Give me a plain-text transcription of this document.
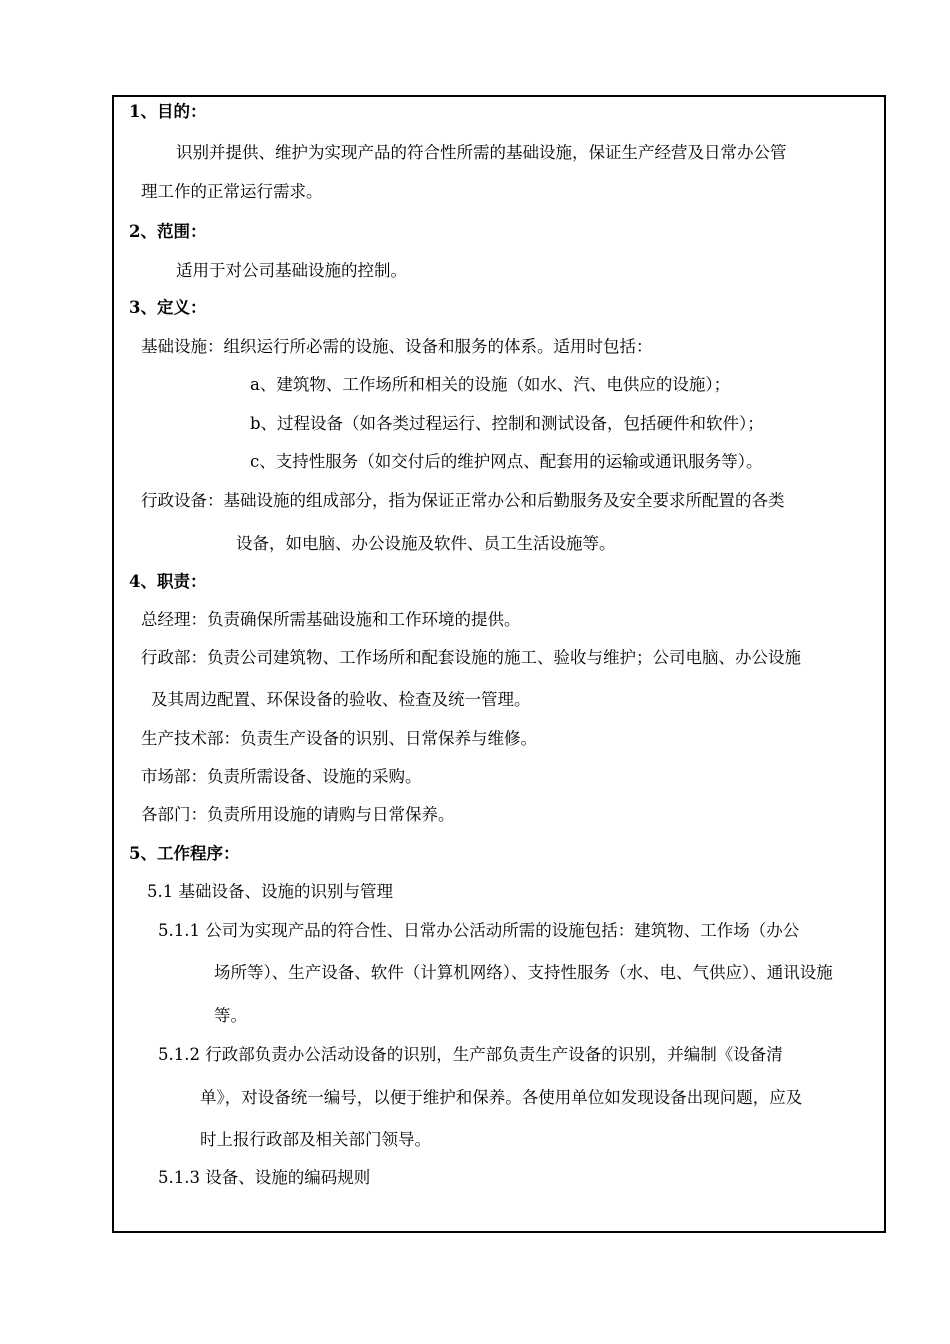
1、目的：
识别并提供、维护为实现产品的符合性所需的基础设施，保证生产经营及日常办公管
理工作的正常运行需求。
2、范围：
适用于对公司基础设施的控制。
3、定义：
基础设施：组织运行所必需的设施、设备和服务的体系。适用时包括：
a、建筑物、工作场所和相关的设施（如水、汽、电供应的设施）；
b、过程设备（如各类过程运行、控制和测试设备，包括硬件和软件）；
c、支持性服务（如交付后的维护网点、配套用的运输或通讯服务等）。
行政设备：基础设施的组成部分，指为保证正常办公和后勤服务及安全要求所配置的各类
设备，如电脑、办公设施及软件、员工生活设施等。
4、职责：
总经理：负责确保所需基础设施和工作环境的提供。
行政部：负责公司建筑物、工作场所和配套设施的施工、验收与维护；公司电脑、办公设施
及其周边配置、环保设备的验收、检查及统一管理。
生产技术部：负责生产设备的识别、日常保养与维修。
市场部：负责所需设备、设施的采购。
各部门：负责所用设施的请购与日常保养。
5、工作程序：
5.1 基础设备、设施的识别与管理
5.1.1 公司为实现产品的符合性、日常办公活动所需的设施包括：建筑物、工作场（办公
场所等）、生产设备、软件（计算机网络）、支持性服务（水、电、气供应）、通讯设施
等。
5.1.2 行政部负责办公活动设备的识别，生产部负责生产设备的识别，并编制《设备清
单》，对设备统一编号，以便于维护和保养。各使用单位如发现设备出现问题，应及
时上报行政部及相关部门领导。
5.1.3 设备、设施的编码规则
